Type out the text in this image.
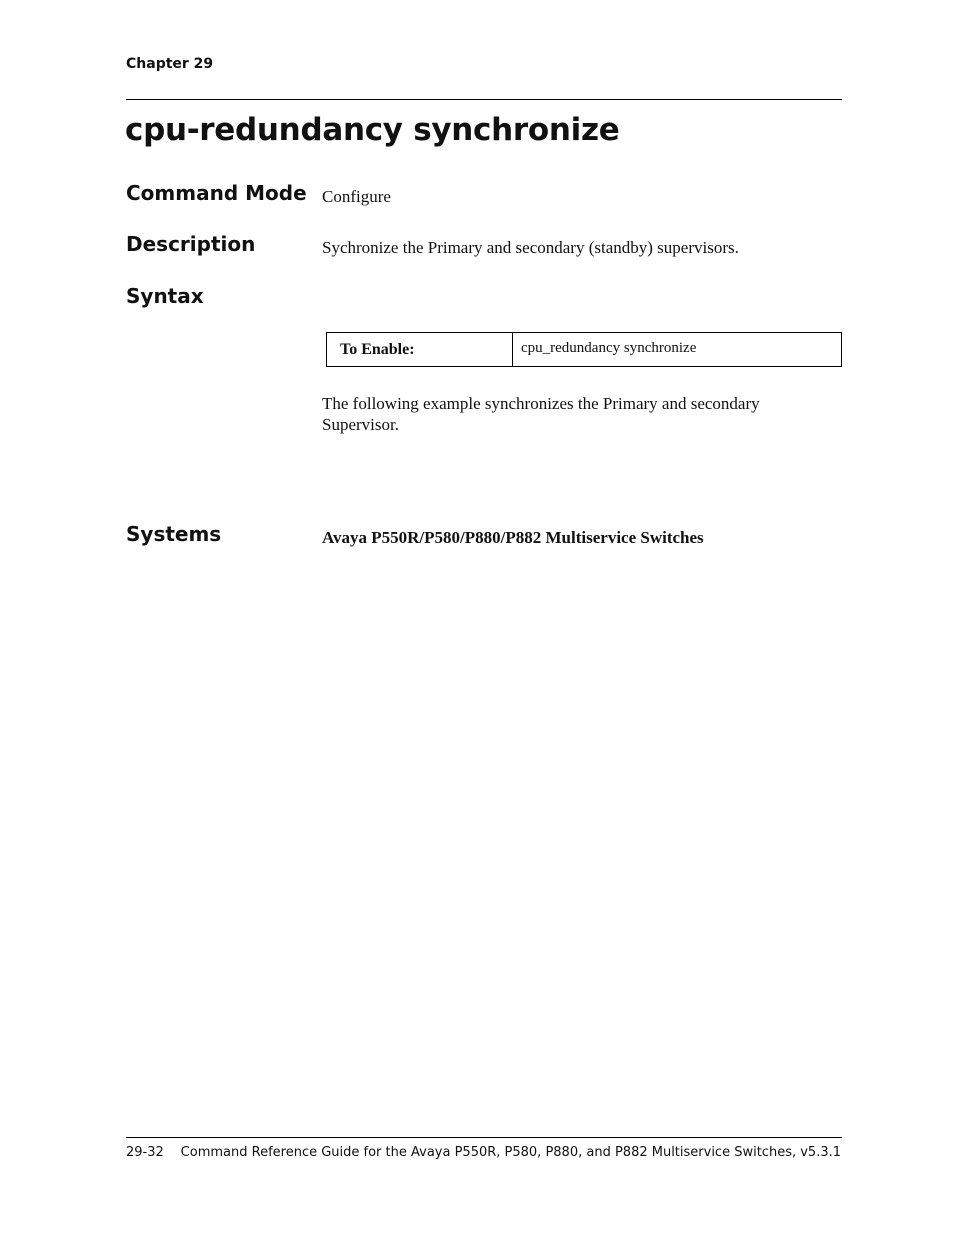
Chapter 29
cpu-redundancy synchronize
Command Mode Configure
Description	Sychronize the Primary and secondary (standby) supervisors.
Syntax
To Enable:	cpu_redundancy synchronize
The following example synchronizes the Primary and secondary Supervisor.
Systems	Avaya P550R/P580/P880/P882 Multiservice Switches
29-32 Command Reference Guide for the Avaya P550R, P580, P880, and P882 Multiservice Switches, v5.3.1
